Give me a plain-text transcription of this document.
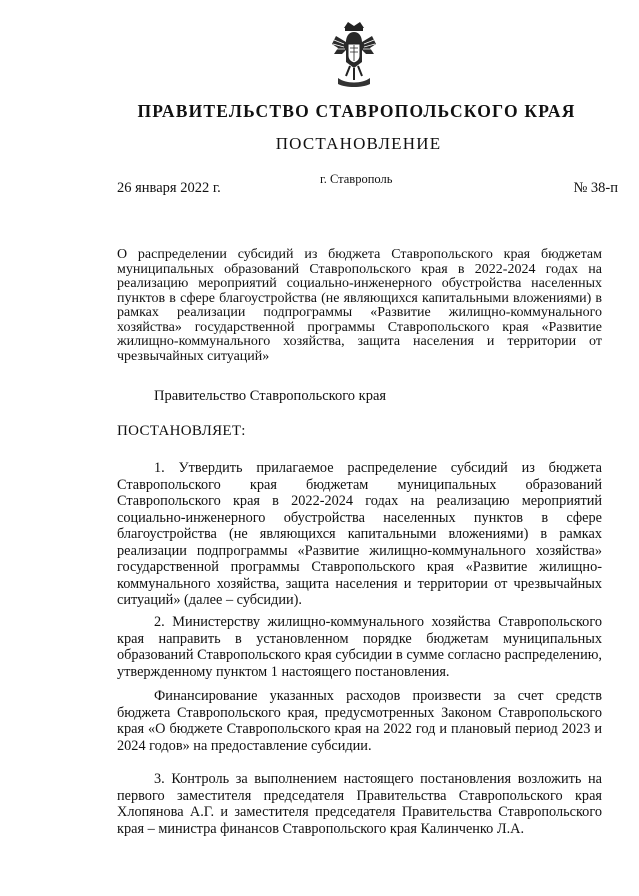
ПРАВИТЕЛЬСТВО СТАВРОПОЛЬСКОГО КРАЯ
ПОСТАНОВЛЕНИЕ
г. Ставрополь
26 января 2022 г.	№ 38-п
О распределении субсидий из бюджета Ставропольского края бюджетам муниципальных образований Ставропольского края в 2022-2024 годах на реализацию мероприятий социально-инженерного обустройства населенных пунктов в сфере благоустройства (не являющихся капитальными вложениями) в рамках реализации подпрограммы «Развитие жилищно-коммунального хозяйства» государственной программы Ставропольского края «Развитие жилищно-коммунального хозяйства, защита населения и территории от чрезвычайных ситуаций»
Правительство Ставропольского края
ПОСТАНОВЛЯЕТ:
1. Утвердить прилагаемое распределение субсидий из бюджета Ставропольского края бюджетам муниципальных образований Ставропольского края в 2022-2024 годах на реализацию мероприятий социально-инженерного обустройства населенных пунктов в сфере благоустройства (не являющихся капитальными вложениями) в рамках реализации подпрограммы «Развитие жилищно-коммунального хозяйства» государственной программы Ставропольского края «Развитие жилищно-коммунального хозяйства, защита населения и территории от чрезвычайных ситуаций» (далее – субсидии).
2. Министерству жилищно-коммунального хозяйства Ставропольского края направить в установленном порядке бюджетам муниципальных образований Ставропольского края субсидии в сумме согласно распределению, утвержденному пунктом 1 настоящего постановления.
Финансирование указанных расходов произвести за счет средств бюджета Ставропольского края, предусмотренных Законом Ставропольского края «О бюджете Ставропольского края на 2022 год и плановый период 2023 и 2024 годов» на предоставление субсидии.
3. Контроль за выполнением настоящего постановления возложить на первого заместителя председателя Правительства Ставропольского края Хлопянова А.Г. и заместителя председателя Правительства Ставропольского края – министра финансов Ставропольского края Калинченко Л.А.
